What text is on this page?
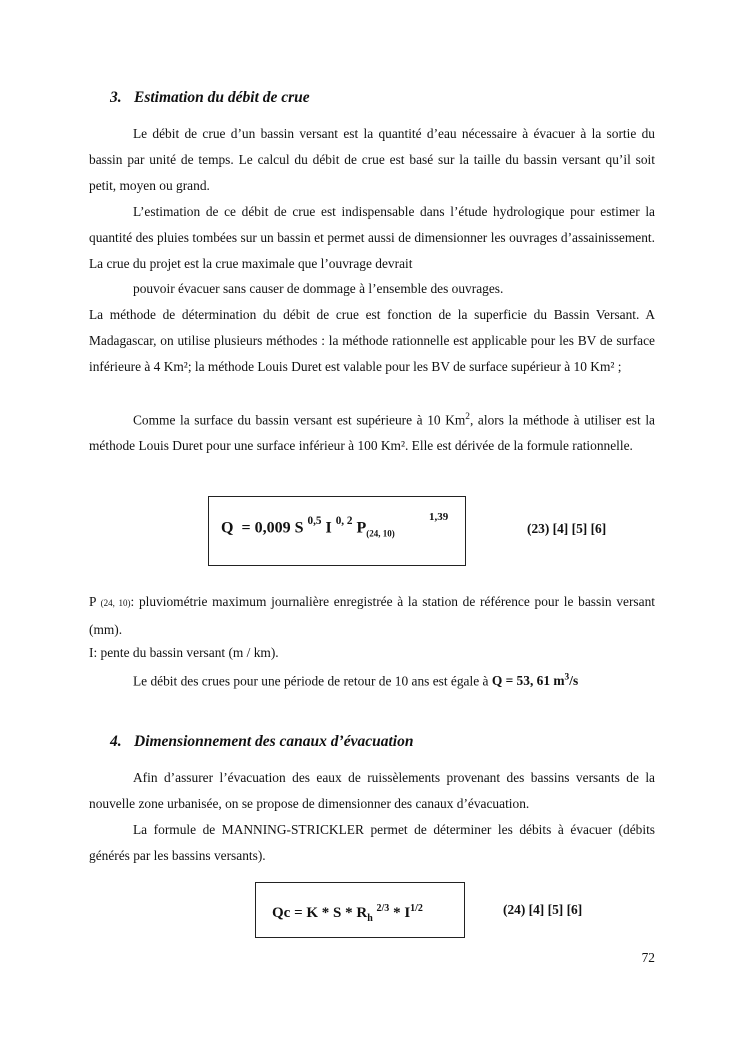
3. Estimation du débit de crue

Le débit de crue d’un bassin versant est la quantité d’eau nécessaire à évacuer à la sortie du bassin par unité de temps. Le calcul du débit de crue est basé sur la taille du bassin versant qu’il soit petit, moyen ou grand.

L’estimation de ce débit de crue est indispensable dans l’étude hydrologique pour estimer la quantité des pluies tombées sur un bassin et permet aussi de dimensionner les ouvrages d’assainissement. La crue du projet est la crue maximale que l’ouvrage devrait

pouvoir évacuer sans causer de dommage à l’ensemble des ouvrages.

La méthode de détermination du débit de crue est fonction de la superficie du Bassin Versant. A Madagascar, on utilise plusieurs méthodes : la méthode rationnelle est applicable pour les BV de surface inférieure à 4 Km²; la méthode Louis Duret est valable pour les BV de surface supérieur à 10 Km² ;

Comme la surface du bassin versant est supérieure à 10 Km$^2$, alors la méthode à utiliser est la méthode Louis Duret pour une surface inférieur à 100 Km². Elle est dérivée de la formule rationnelle.

Q = 0,009 S $^{0,5}$ I $^{0, 2}$ $P_{(24, 10)}$
1,39
(23) [4] [5] [6]

P (24, 10): pluviométrie maximum journalière enregistrée à la station de référence pour le bassin versant (mm).

I: pente du bassin versant (m / km).

Le débit des crues pour une période de retour de 10 ans est égale à Q = 53, 61 $m^3/s$

4. Dimensionnement des canaux d’évacuation

Afin d’assurer l’évacuation des eaux de ruissèlements provenant des bassins versants de la nouvelle zone urbanisée, on se propose de dimensionner des canaux d’évacuation.

La formule de MANNING-STRICKLER permet de déterminer les débits à évacuer (débits générés par les bassins versants).

$Qc = K * S * R_h$ $^{2/3} * I^{1/2}$	(24) [4] [5] [6]
72
